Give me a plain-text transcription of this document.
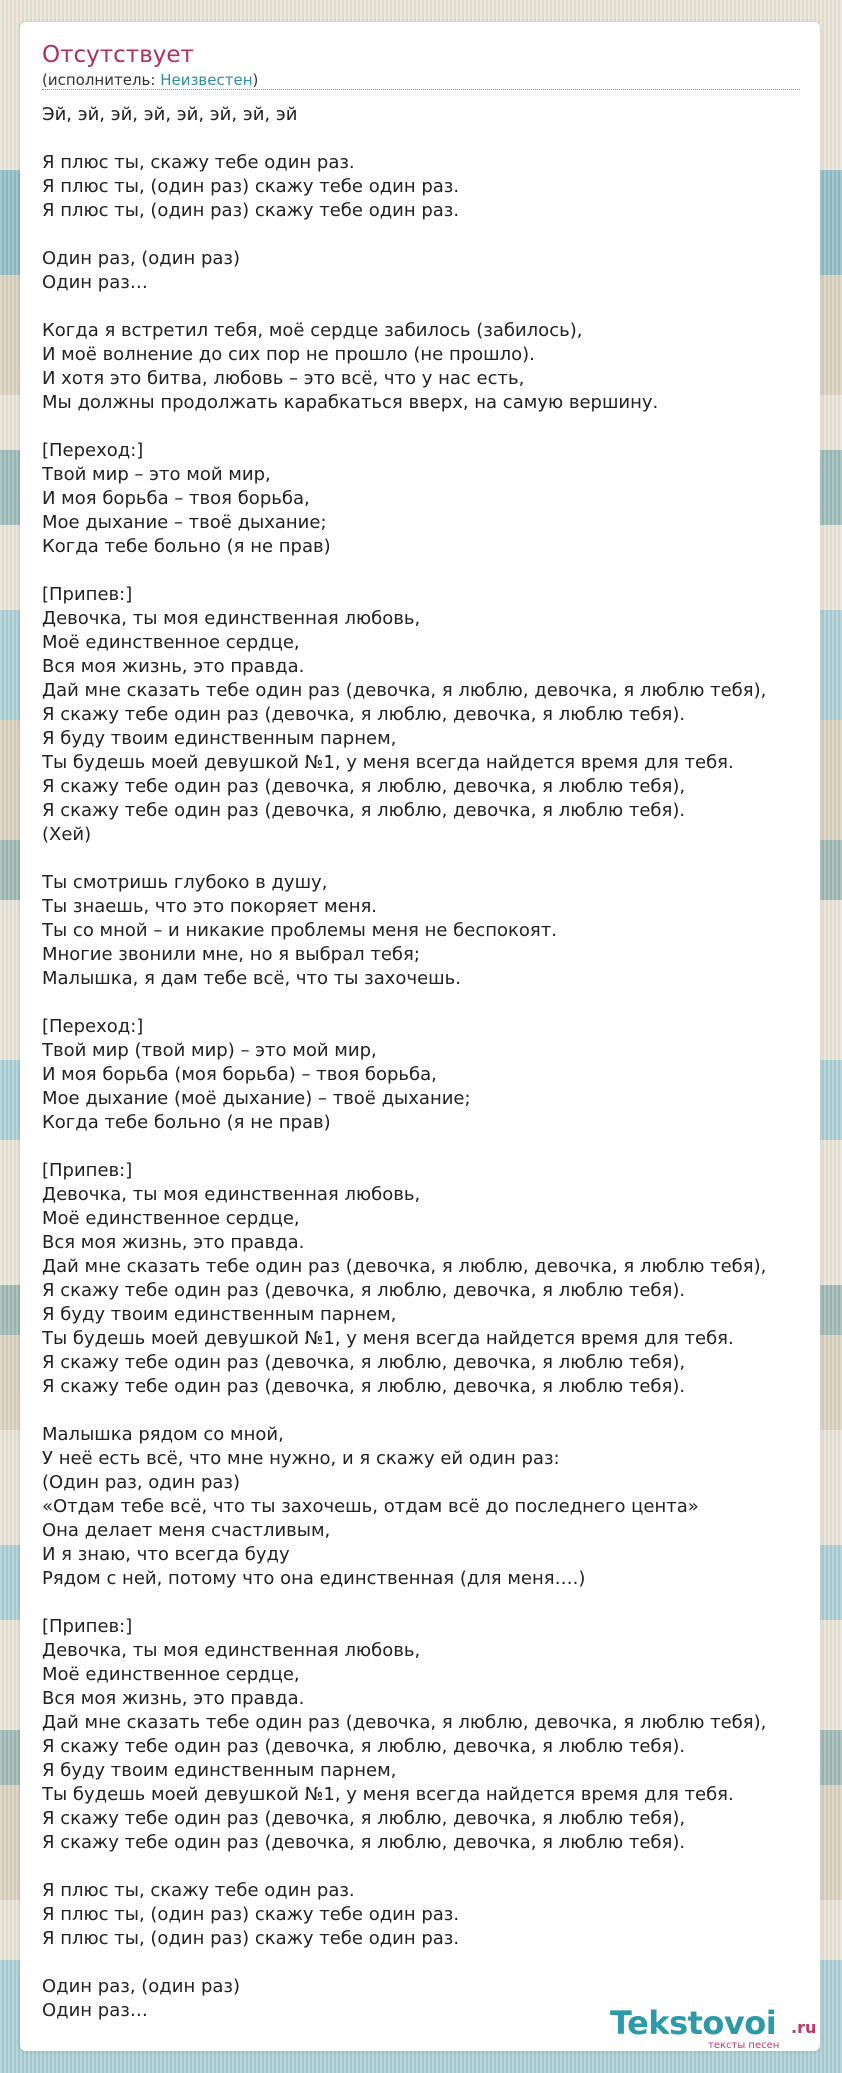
Отсутствует
(исполнитель: Неизвестен)
Эй, эй, эй, эй, эй, эй, эй, эй
Я плюс ты, скажу тебе один раз.
Я плюс ты, (один раз) скажу тебе один раз.
Я плюс ты, (один раз) скажу тебе один раз.
Один раз, (один раз)
Один раз…
Когда я встретил тебя, моё сердце забилось (забилось),
И моё волнение до сих пор не прошло (не прошло).
И хотя это битва, любовь – это всё, что у нас есть,
Мы должны продолжать карабкаться вверх, на самую вершину.
[Переход:]
Твой мир – это мой мир,
И моя борьба – твоя борьба,
Мое дыхание – твоё дыхание;
Когда тебе больно (я не прав)
[Припев:]
Девочка, ты моя единственная любовь,
Моё единственное сердце,
Вся моя жизнь, это правда.
Дай мне сказать тебе один раз (девочка, я люблю, девочка, я люблю тебя),
Я скажу тебе один раз (девочка, я люблю, девочка, я люблю тебя).
Я буду твоим единственным парнем,
Ты будешь моей девушкой №1, у меня всегда найдется время для тебя.
Я скажу тебе один раз (девочка, я люблю, девочка, я люблю тебя),
Я скажу тебе один раз (девочка, я люблю, девочка, я люблю тебя).
(Хей)
Ты смотришь глубоко в душу,
Ты знаешь, что это покоряет меня.
Ты со мной – и никакие проблемы меня не беспокоят.
Многие звонили мне, но я выбрал тебя;
Малышка, я дам тебе всё, что ты захочешь.
[Переход:]
Твой мир (твой мир) – это мой мир,
И моя борьба (моя борьба) – твоя борьба,
Мое дыхание (моё дыхание) – твоё дыхание;
Когда тебе больно (я не прав)
[Припев:]
Девочка, ты моя единственная любовь,
Моё единственное сердце,
Вся моя жизнь, это правда.
Дай мне сказать тебе один раз (девочка, я люблю, девочка, я люблю тебя),
Я скажу тебе один раз (девочка, я люблю, девочка, я люблю тебя).
Я буду твоим единственным парнем,
Ты будешь моей девушкой №1, у меня всегда найдется время для тебя.
Я скажу тебе один раз (девочка, я люблю, девочка, я люблю тебя),
Я скажу тебе один раз (девочка, я люблю, девочка, я люблю тебя).
Малышка рядом со мной,
У неё есть всё, что мне нужно, и я скажу ей один раз:
(Один раз, один раз)
«Отдам тебе всё, что ты захочешь, отдам всё до последнего цента»
Она делает меня счастливым,
И я знаю, что всегда буду
Рядом с ней, потому что она единственная (для меня….)
[Припев:]
Девочка, ты моя единственная любовь,
Моё единственное сердце,
Вся моя жизнь, это правда.
Дай мне сказать тебе один раз (девочка, я люблю, девочка, я люблю тебя),
Я скажу тебе один раз (девочка, я люблю, девочка, я люблю тебя).
Я буду твоим единственным парнем,
Ты будешь моей девушкой №1, у меня всегда найдется время для тебя.
Я скажу тебе один раз (девочка, я люблю, девочка, я люблю тебя),
Я скажу тебе один раз (девочка, я люблю, девочка, я люблю тебя).
Я плюс ты, скажу тебе один раз.
Я плюс ты, (один раз) скажу тебе один раз.
Я плюс ты, (один раз) скажу тебе один раз.
Один раз, (один раз)
Один раз…	Tekstovoi .ru
тексты песен
